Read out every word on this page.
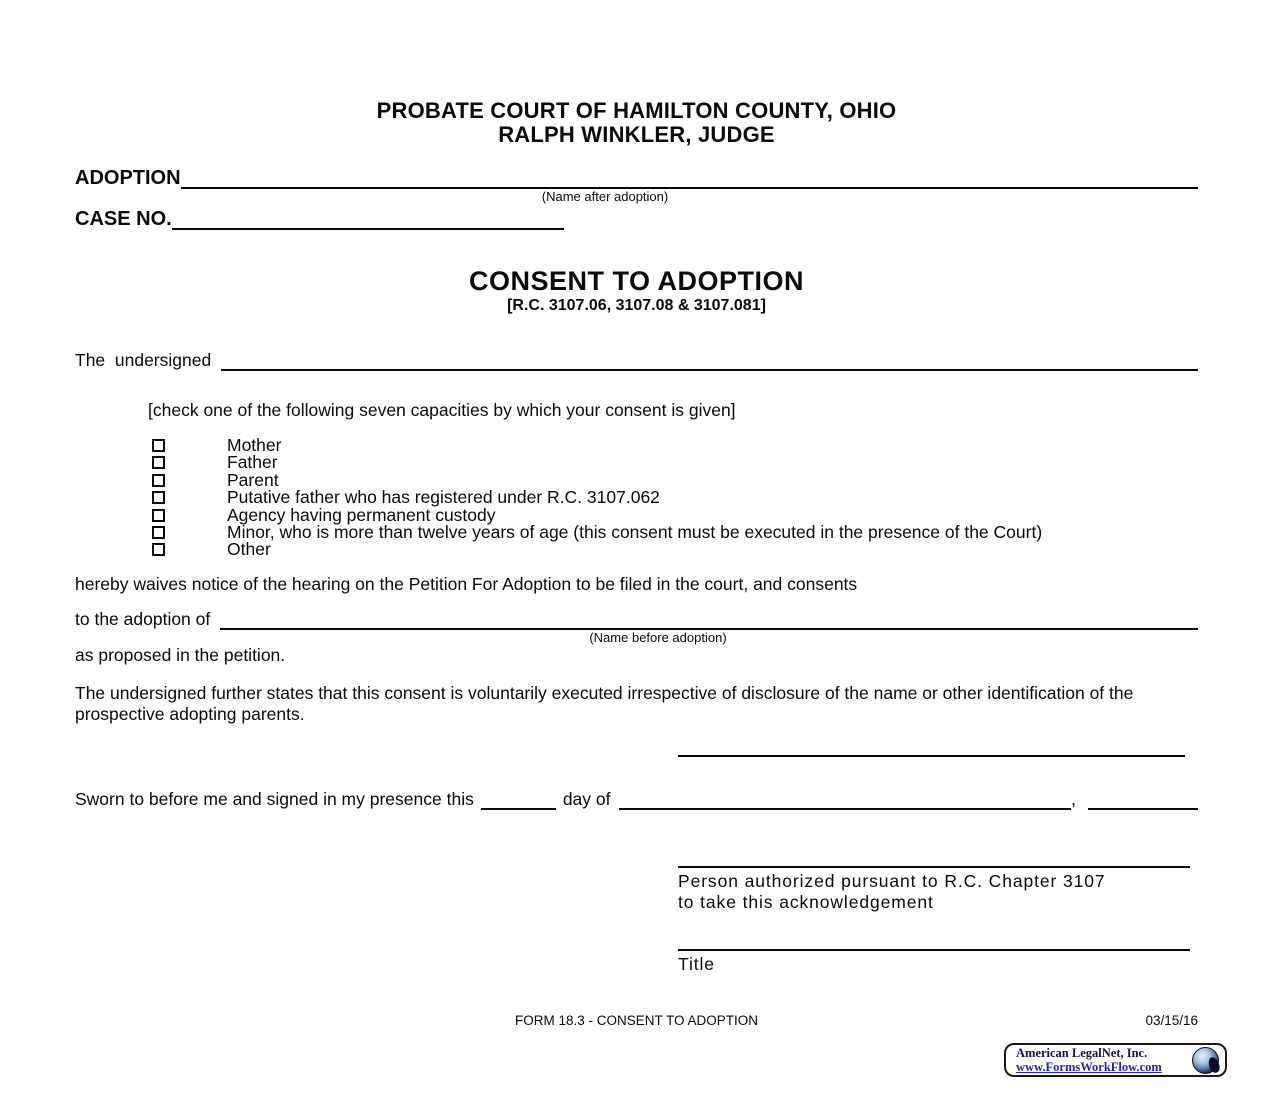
PROBATE COURT OF HAMILTON COUNTY, OHIO
RALPH WINKLER, JUDGE
ADOPTION
(Name after adoption)
CASE NO.
CONSENT TO ADOPTION
[R.C. 3107.06, 3107.08 & 3107.081]
The  undersigned
[check one of the following seven capacities by which your consent is given]
Mother
Father
Parent
Putative father who has registered under R.C. 3107.062
Agency having permanent custody
Minor, who is more than twelve years of age (this consent must be executed in the presence of the Court)
Other
hereby waives notice of the hearing on the Petition For Adoption to be filed in the court, and consents
to the adoption of
(Name before adoption)
as proposed in the petition.
The undersigned further states that this consent is voluntarily executed irrespective of disclosure of the name or other identification of the prospective adopting parents.
Sworn to before me and signed in my presence this	day of	,
Person authorized pursuant to R.C. Chapter 3107
to take this acknowledgement
Title
FORM 18.3 - CONSENT TO ADOPTION	03/15/16
American LegalNet, Inc.
www.FormsWorkFlow.com
